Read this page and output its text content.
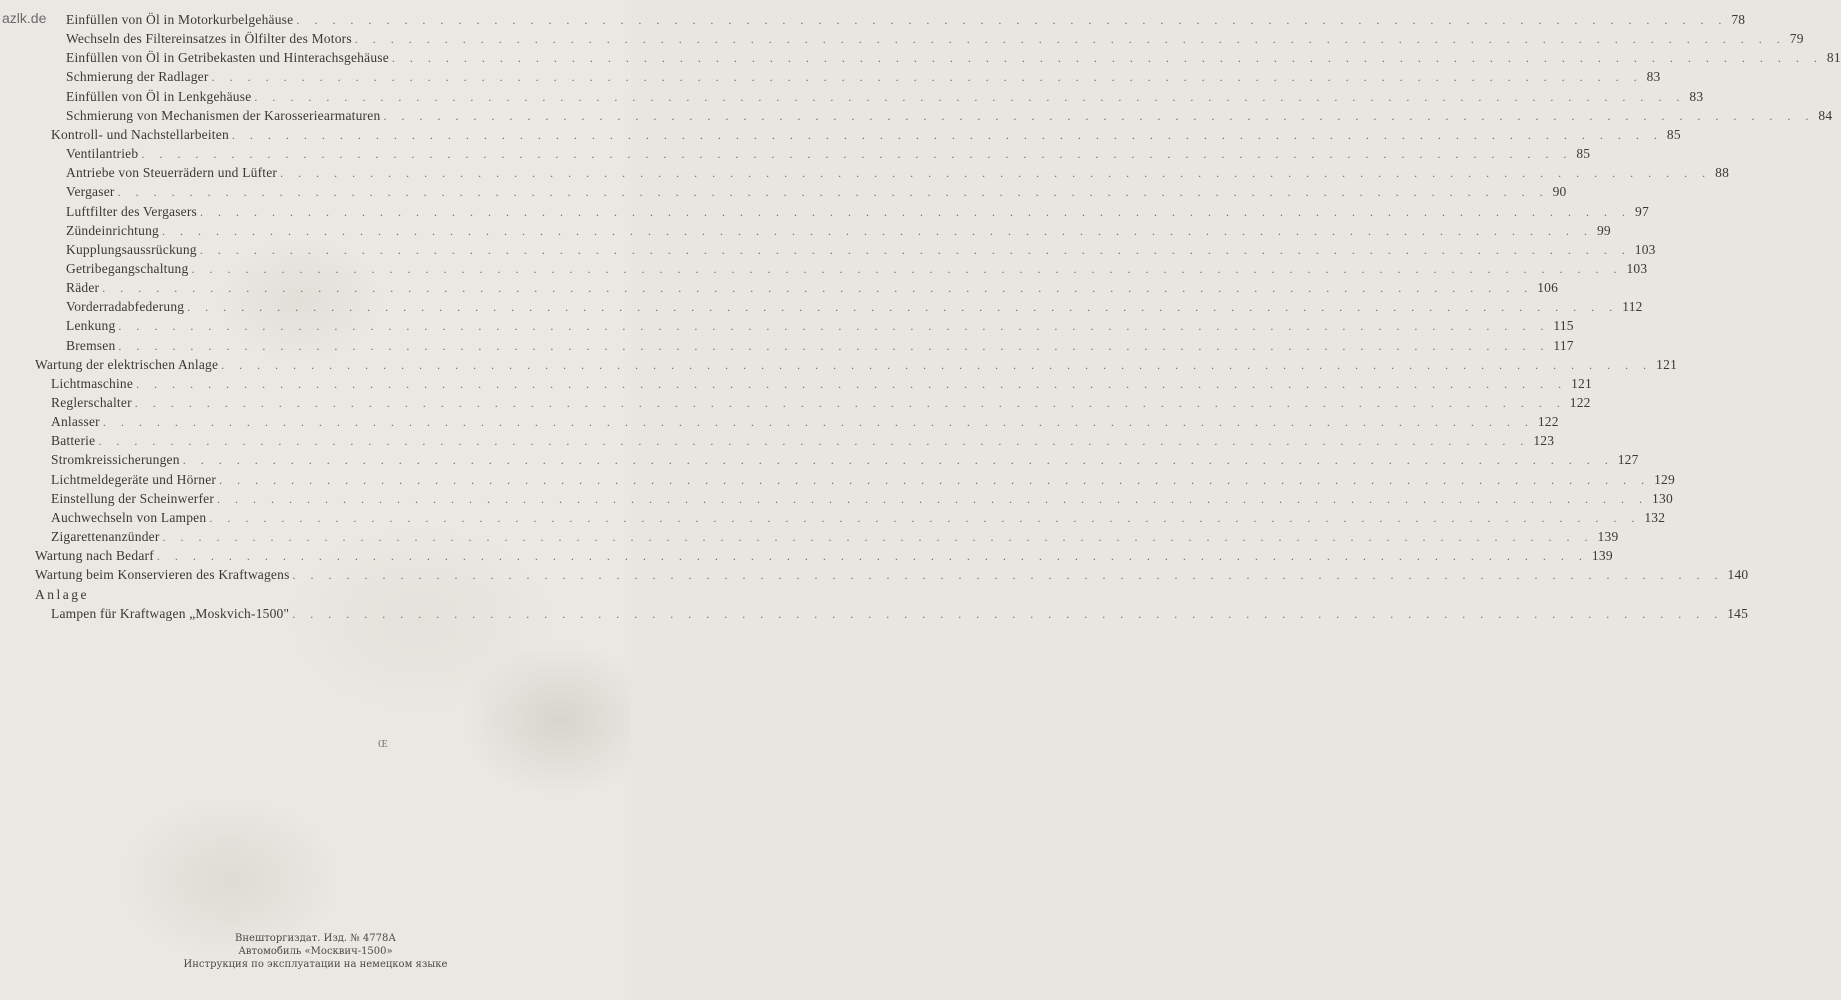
azlk.de Einfüllen von Öl in Motorkurbelgehäuse . . . . . . . . . . . . . . . . . . . . . . . . . . . . . . . . . . . . . . . . . . . . . . . . . . . . . . . . . . . . . . . . . . . . . . . . . . . . . . . . 78
Wechseln des Filtereinsatzes in Ölfilter des Motors . . . . . . . . . . . . . . . . . . . . . . . . . . . . . . . . . . . . . . . . . . . . . . . . . . . . . . . . . . . . . . . . . . . . . . . . . . . . . . . . 79
Einfüllen von Öl in Getribekasten und Hinterachsgehäuse . . . . . . . . . . . . . . . . . . . . . . . . . . . . . . . . . . . . . . . . . . . . . . . . . . . . . . . . . . . . . . . . . . . . . . . . . . . . . . . . 81
Schmierung der Radlager . . . . . . . . . . . . . . . . . . . . . . . . . . . . . . . . . . . . . . . . . . . . . . . . . . . . . . . . . . . . . . . . . . . . . . . . . . . . . . . . 83
Einfüllen von Öl in Lenkgehäuse . . . . . . . . . . . . . . . . . . . . . . . . . . . . . . . . . . . . . . . . . . . . . . . . . . . . . . . . . . . . . . . . . . . . . . . . . . . . . . . . 83
Schmierung von Mechanismen der Karosseriearmaturen . . . . . . . . . . . . . . . . . . . . . . . . . . . . . . . . . . . . . . . . . . . . . . . . . . . . . . . . . . . . . . . . . . . . . . . . . . . . . . . . 84
Kontroll- und Nachstellarbeiten . . . . . . . . . . . . . . . . . . . . . . . . . . . . . . . . . . . . . . . . . . . . . . . . . . . . . . . . . . . . . . . . . . . . . . . . . . . . . . . . 85
Ventilantrieb . . . . . . . . . . . . . . . . . . . . . . . . . . . . . . . . . . . . . . . . . . . . . . . . . . . . . . . . . . . . . . . . . . . . . . . . . . . . . . . . 85
Antriebe von Steuerrädern und Lüfter . . . . . . . . . . . . . . . . . . . . . . . . . . . . . . . . . . . . . . . . . . . . . . . . . . . . . . . . . . . . . . . . . . . . . . . . . . . . . . . . 88
Vergaser . . . . . . . . . . . . . . . . . . . . . . . . . . . . . . . . . . . . . . . . . . . . . . . . . . . . . . . . . . . . . . . . . . . . . . . . . . . . . . . . 90
Luftfilter des Vergasers . . . . . . . . . . . . . . . . . . . . . . . . . . . . . . . . . . . . . . . . . . . . . . . . . . . . . . . . . . . . . . . . . . . . . . . . . . . . . . . . 97
Zündeinrichtung . . . . . . . . . . . . . . . . . . . . . . . . . . . . . . . . . . . . . . . . . . . . . . . . . . . . . . . . . . . . . . . . . . . . . . . . . . . . . . . . 99
Kupplungsaussrückung . . . . . . . . . . . . . . . . . . . . . . . . . . . . . . . . . . . . . . . . . . . . . . . . . . . . . . . . . . . . . . . . . . . . . . . . . . . . . . . . 103
Getribegangschaltung . . . . . . . . . . . . . . . . . . . . . . . . . . . . . . . . . . . . . . . . . . . . . . . . . . . . . . . . . . . . . . . . . . . . . . . . . . . . . . . . 103
Räder . . . . . . . . . . . . . . . . . . . . . . . . . . . . . . . . . . . . . . . . . . . . . . . . . . . . . . . . . . . . . . . . . . . . . . . . . . . . . . . . 106
Vorderradabfederung . . . . . . . . . . . . . . . . . . . . . . . . . . . . . . . . . . . . . . . . . . . . . . . . . . . . . . . . . . . . . . . . . . . . . . . . . . . . . . . . 112
Lenkung . . . . . . . . . . . . . . . . . . . . . . . . . . . . . . . . . . . . . . . . . . . . . . . . . . . . . . . . . . . . . . . . . . . . . . . . . . . . . . . . 115
Bremsen . . . . . . . . . . . . . . . . . . . . . . . . . . . . . . . . . . . . . . . . . . . . . . . . . . . . . . . . . . . . . . . . . . . . . . . . . . . . . . . . 117
Wartung der elektrischen Anlage . . . . . . . . . . . . . . . . . . . . . . . . . . . . . . . . . . . . . . . . . . . . . . . . . . . . . . . . . . . . . . . . . . . . . . . . . . . . . . . . 121
Lichtmaschine . . . . . . . . . . . . . . . . . . . . . . . . . . . . . . . . . . . . . . . . . . . . . . . . . . . . . . . . . . . . . . . . . . . . . . . . . . . . . . . . 121
Reglerschalter . . . . . . . . . . . . . . . . . . . . . . . . . . . . . . . . . . . . . . . . . . . . . . . . . . . . . . . . . . . . . . . . . . . . . . . . . . . . . . . . 122
Anlasser . . . . . . . . . . . . . . . . . . . . . . . . . . . . . . . . . . . . . . . . . . . . . . . . . . . . . . . . . . . . . . . . . . . . . . . . . . . . . . . . 122
Batterie . . . . . . . . . . . . . . . . . . . . . . . . . . . . . . . . . . . . . . . . . . . . . . . . . . . . . . . . . . . . . . . . . . . . . . . . . . . . . . . . 123
Stromkreissicherungen . . . . . . . . . . . . . . . . . . . . . . . . . . . . . . . . . . . . . . . . . . . . . . . . . . . . . . . . . . . . . . . . . . . . . . . . . . . . . . . . 127
Lichtmeldegeräte und Hörner . . . . . . . . . . . . . . . . . . . . . . . . . . . . . . . . . . . . . . . . . . . . . . . . . . . . . . . . . . . . . . . . . . . . . . . . . . . . . . . . 129
Einstellung der Scheinwerfer . . . . . . . . . . . . . . . . . . . . . . . . . . . . . . . . . . . . . . . . . . . . . . . . . . . . . . . . . . . . . . . . . . . . . . . . . . . . . . . . 130
Auchwechseln von Lampen . . . . . . . . . . . . . . . . . . . . . . . . . . . . . . . . . . . . . . . . . . . . . . . . . . . . . . . . . . . . . . . . . . . . . . . . . . . . . . . . 132
Zigarettenanzünder . . . . . . . . . . . . . . . . . . . . . . . . . . . . . . . . . . . . . . . . . . . . . . . . . . . . . . . . . . . . . . . . . . . . . . . . . . . . . . . . 139
Wartung nach Bedarf . . . . . . . . . . . . . . . . . . . . . . . . . . . . . . . . . . . . . . . . . . . . . . . . . . . . . . . . . . . . . . . . . . . . . . . . . . . . . . . . 139
Wartung beim Konservieren des Kraftwagens . . . . . . . . . . . . . . . . . . . . . . . . . . . . . . . . . . . . . . . . . . . . . . . . . . . . . . . . . . . . . . . . . . . . . . . . . . . . . . . . 140
Anlage
Lampen für Kraftwagen „Moskvich-1500" . . . . . . . . . . . . . . . . . . . . . . . . . . . . . . . . . . . . . . . . . . . . . . . . . . . . . . . . . . . . . . . . . . . . . . . . . . . . . . . . 145
Œ
Внешторгиздат. Изд. № 4778А
Автомобиль «Москвич-1500»
Инструкция по эксплуатации на немецком языке
